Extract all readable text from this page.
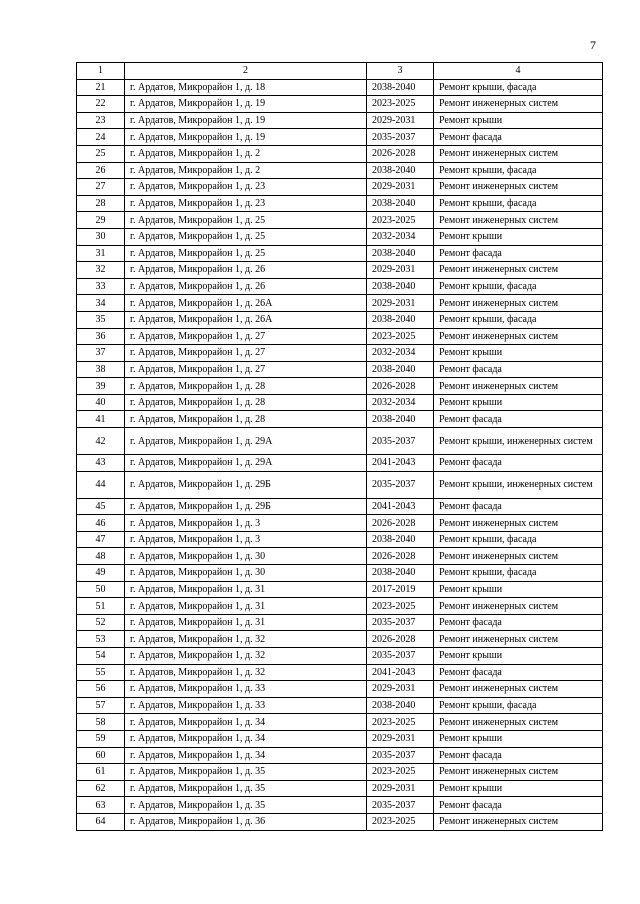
7
1	2	3	4
21	г. Ардатов, Микрорайон 1, д. 18	2038-2040	Ремонт крыши, фасада
22	г. Ардатов, Микрорайон 1, д. 19	2023-2025	Ремонт инженерных систем
23	г. Ардатов, Микрорайон 1, д. 19	2029-2031	Ремонт крыши
24	г. Ардатов, Микрорайон 1, д. 19	2035-2037	Ремонт фасада
25	г. Ардатов, Микрорайон 1, д. 2	2026-2028	Ремонт инженерных систем
26	г. Ардатов, Микрорайон 1, д. 2	2038-2040	Ремонт крыши, фасада
27	г. Ардатов, Микрорайон 1, д. 23	2029-2031	Ремонт инженерных систем
28	г. Ардатов, Микрорайон 1, д. 23	2038-2040	Ремонт крыши, фасада
29	г. Ардатов, Микрорайон 1, д. 25	2023-2025	Ремонт инженерных систем
30	г. Ардатов, Микрорайон 1, д. 25	2032-2034	Ремонт крыши
31	г. Ардатов, Микрорайон 1, д. 25	2038-2040	Ремонт фасада
32	г. Ардатов, Микрорайон 1, д. 26	2029-2031	Ремонт инженерных систем
33	г. Ардатов, Микрорайон 1, д. 26	2038-2040	Ремонт крыши, фасада
34	г. Ардатов, Микрорайон 1, д. 26А	2029-2031	Ремонт инженерных систем
35	г. Ардатов, Микрорайон 1, д. 26А	2038-2040	Ремонт крыши, фасада
36	г. Ардатов, Микрорайон 1, д. 27	2023-2025	Ремонт инженерных систем
37	г. Ардатов, Микрорайон 1, д. 27	2032-2034	Ремонт крыши
38	г. Ардатов, Микрорайон 1, д. 27	2038-2040	Ремонт фасада
39	г. Ардатов, Микрорайон 1, д. 28	2026-2028	Ремонт инженерных систем
40	г. Ардатов, Микрорайон 1, д. 28	2032-2034	Ремонт крыши
41	г. Ардатов, Микрорайон 1, д. 28	2038-2040	Ремонт фасада
42	г. Ардатов, Микрорайон 1, д. 29А	2035-2037	Ремонт крыши, инженерных систем
43	г. Ардатов, Микрорайон 1, д. 29А	2041-2043	Ремонт фасада
44	г. Ардатов, Микрорайон 1, д. 29Б	2035-2037	Ремонт крыши, инженерных систем
45	г. Ардатов, Микрорайон 1, д. 29Б	2041-2043	Ремонт фасада
46	г. Ардатов, Микрорайон 1, д. 3	2026-2028	Ремонт инженерных систем
47	г. Ардатов, Микрорайон 1, д. 3	2038-2040	Ремонт крыши, фасада
48	г. Ардатов, Микрорайон 1, д. 30	2026-2028	Ремонт инженерных систем
49	г. Ардатов, Микрорайон 1, д. 30	2038-2040	Ремонт крыши, фасада
50	г. Ардатов, Микрорайон 1, д. 31	2017-2019	Ремонт крыши
51	г. Ардатов, Микрорайон 1, д. 31	2023-2025	Ремонт инженерных систем
52	г. Ардатов, Микрорайон 1, д. 31	2035-2037	Ремонт фасада
53	г. Ардатов, Микрорайон 1, д. 32	2026-2028	Ремонт инженерных систем
54	г. Ардатов, Микрорайон 1, д. 32	2035-2037	Ремонт крыши
55	г. Ардатов, Микрорайон 1, д. 32	2041-2043	Ремонт фасада
56	г. Ардатов, Микрорайон 1, д. 33	2029-2031	Ремонт инженерных систем
57	г. Ардатов, Микрорайон 1, д. 33	2038-2040	Ремонт крыши, фасада
58	г. Ардатов, Микрорайон 1, д. 34	2023-2025	Ремонт инженерных систем
59	г. Ардатов, Микрорайон 1, д. 34	2029-2031	Ремонт крыши
60	г. Ардатов, Микрорайон 1, д. 34	2035-2037	Ремонт фасада
61	г. Ардатов, Микрорайон 1, д. 35	2023-2025	Ремонт инженерных систем
62	г. Ардатов, Микрорайон 1, д. 35	2029-2031	Ремонт крыши
63	г. Ардатов, Микрорайон 1, д. 35	2035-2037	Ремонт фасада
64	г. Ардатов, Микрорайон 1, д. 36	2023-2025	Ремонт инженерных систем
